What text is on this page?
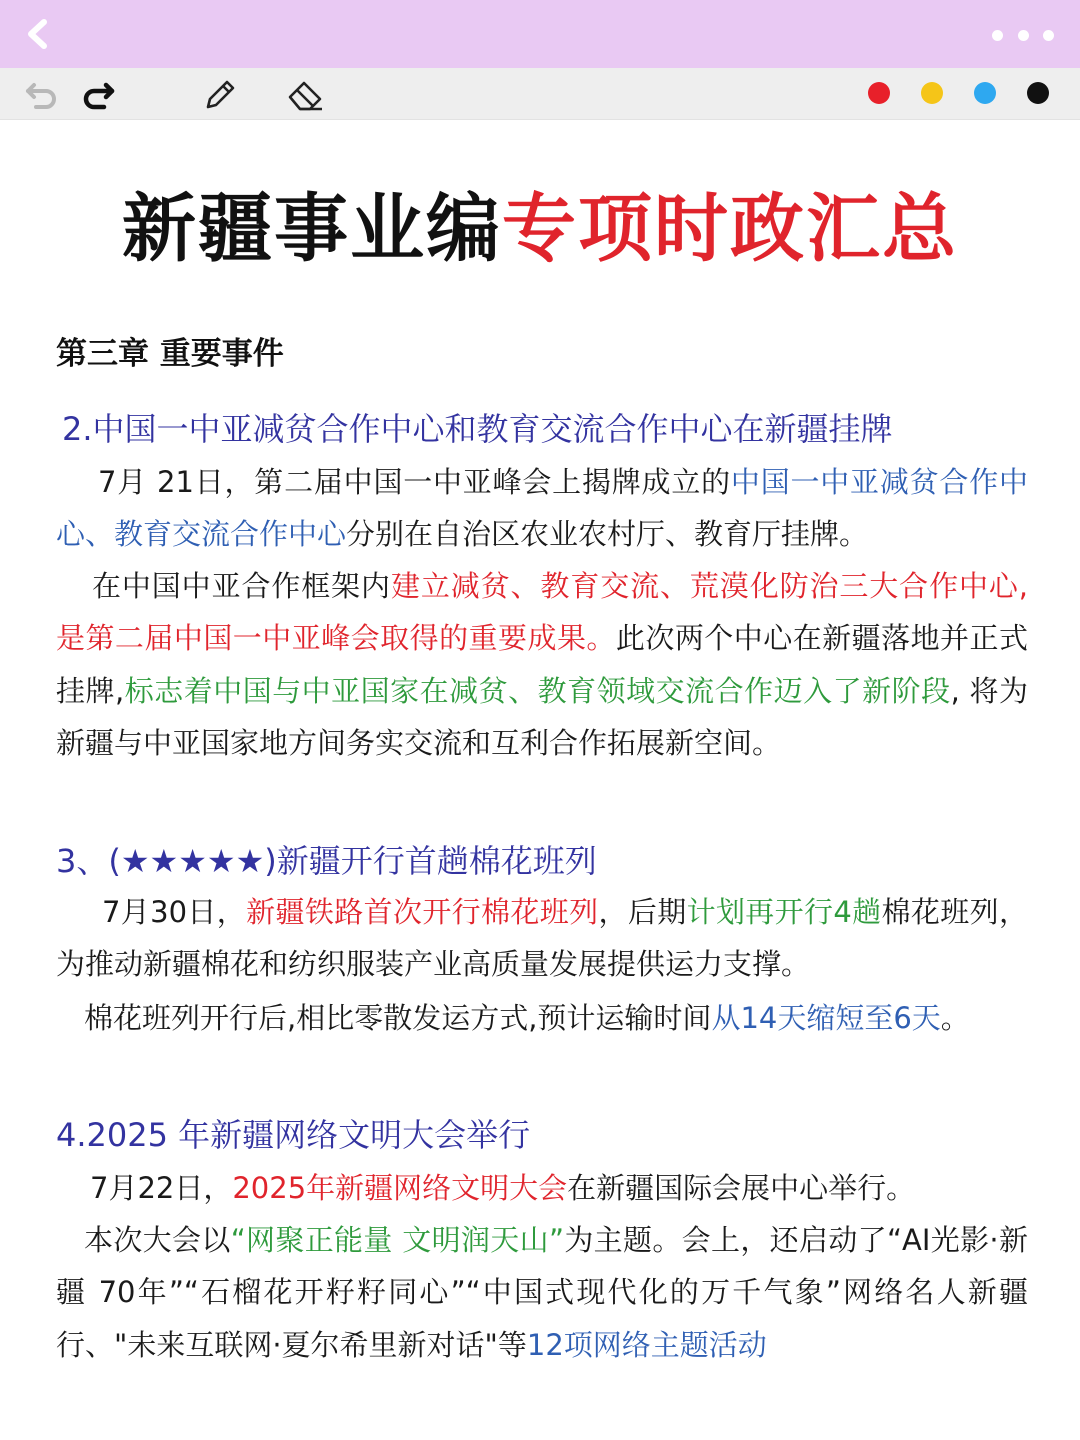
新疆事业编专项时政汇总
第三章 重要事件
2.中国一中亚减贫合作中心和教育交流合作中心在新疆挂牌
7月 21日，第二届中国一中亚峰会上揭牌成立的中国一中亚减贫合作中心、教育交流合作中心分别在自治区农业农村厅、教育厅挂牌。
在中国中亚合作框架内建立减贫、教育交流、荒漠化防治三大合作中心,是第二届中国一中亚峰会取得的重要成果。此次两个中心在新疆落地并正式挂牌,标志着中国与中亚国家在减贫、教育领域交流合作迈入了新阶段, 将为新疆与中亚国家地方间务实交流和互利合作拓展新空间。
3、(★★★★★)新疆开行首趟棉花班列
7月30日，新疆铁路首次开行棉花班列，后期计划再开行4趟棉花班列，为推动新疆棉花和纺织服装产业高质量发展提供运力支撑。
棉花班列开行后,相比零散发运方式,预计运输时间从14天缩短至6天。
4.2025 年新疆网络文明大会举行
7月22日，2025年新疆网络文明大会在新疆国际会展中心举行。
本次大会以“网聚正能量 文明润天山”为主题。会上，还启动了“AI光影·新疆 70年”“石榴花开籽籽同心”“中国式现代化的万千气象”网络名人新疆行、"未来互联网·夏尔希里新对话"等12项网络主题活动
